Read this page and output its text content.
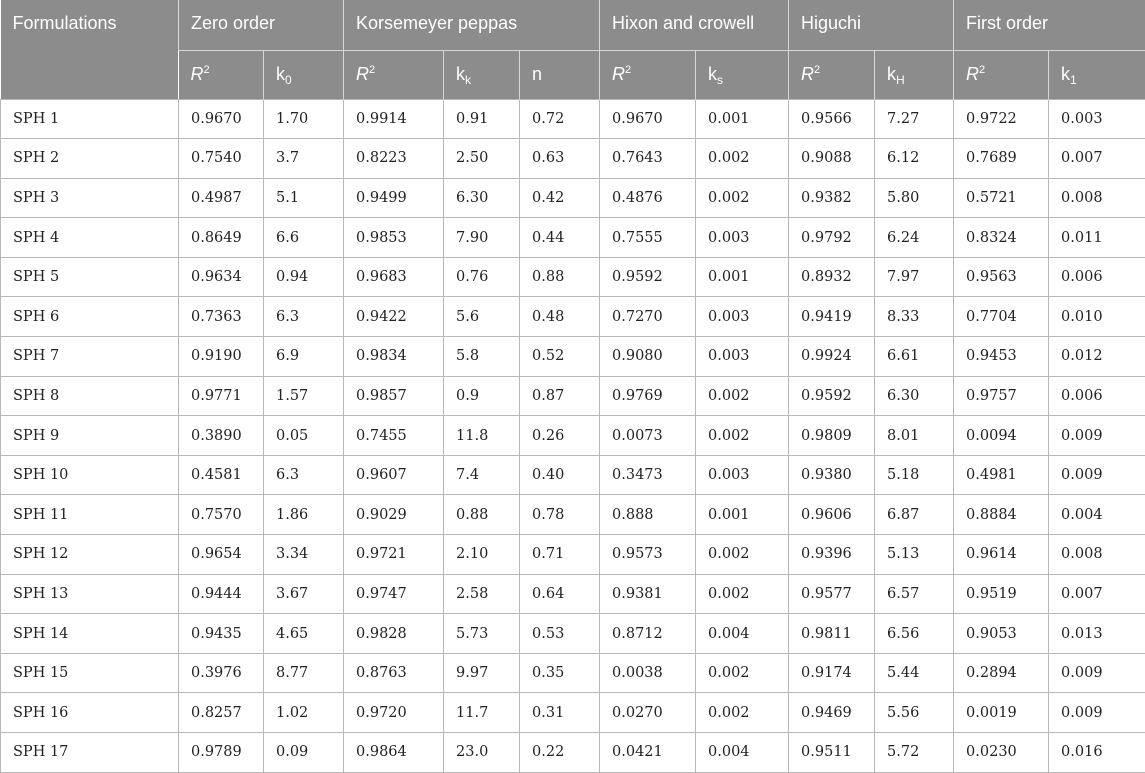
Formulations	Zero order		Korsemeyer peppas			Hixon and crowell		Higuchi		First order	
	$R^2$	$k_0$	$R^2$	$k_k$	n	$R^2$	$k_s$	$R^2$	$k_H$	$R^2$	$k_1$
SPH 1	0.9670	1.70	0.9914	0.91	0.72	0.9670	0.001	0.9566	7.27	0.9722	0.003
SPH 2	0.7540	3.7	0.8223	2.50	0.63	0.7643	0.002	0.9088	6.12	0.7689	0.007
SPH 3	0.4987	5.1	0.9499	6.30	0.42	0.4876	0.002	0.9382	5.80	0.5721	0.008
SPH 4	0.8649	6.6	0.9853	7.90	0.44	0.7555	0.003	0.9792	6.24	0.8324	0.011
SPH 5	0.9634	0.94	0.9683	0.76	0.88	0.9592	0.001	0.8932	7.97	0.9563	0.006
SPH 6	0.7363	6.3	0.9422	5.6	0.48	0.7270	0.003	0.9419	8.33	0.7704	0.010
SPH 7	0.9190	6.9	0.9834	5.8	0.52	0.9080	0.003	0.9924	6.61	0.9453	0.012
SPH 8	0.9771	1.57	0.9857	0.9	0.87	0.9769	0.002	0.9592	6.30	0.9757	0.006
SPH 9	0.3890	0.05	0.7455	11.8	0.26	0.0073	0.002	0.9809	8.01	0.0094	0.009
SPH 10	0.4581	6.3	0.9607	7.4	0.40	0.3473	0.003	0.9380	5.18	0.4981	0.009
SPH 11	0.7570	1.86	0.9029	0.88	0.78	0.888	0.001	0.9606	6.87	0.8884	0.004
SPH 12	0.9654	3.34	0.9721	2.10	0.71	0.9573	0.002	0.9396	5.13	0.9614	0.008
SPH 13	0.9444	3.67	0.9747	2.58	0.64	0.9381	0.002	0.9577	6.57	0.9519	0.007
SPH 14	0.9435	4.65	0.9828	5.73	0.53	0.8712	0.004	0.9811	6.56	0.9053	0.013
SPH 15	0.3976	8.77	0.8763	9.97	0.35	0.0038	0.002	0.9174	5.44	0.2894	0.009
SPH 16	0.8257	1.02	0.9720	11.7	0.31	0.0270	0.002	0.9469	5.56	0.0019	0.009
SPH 17	0.9789	0.09	0.9864	23.0	0.22	0.0421	0.004	0.9511	5.72	0.0230	0.016
